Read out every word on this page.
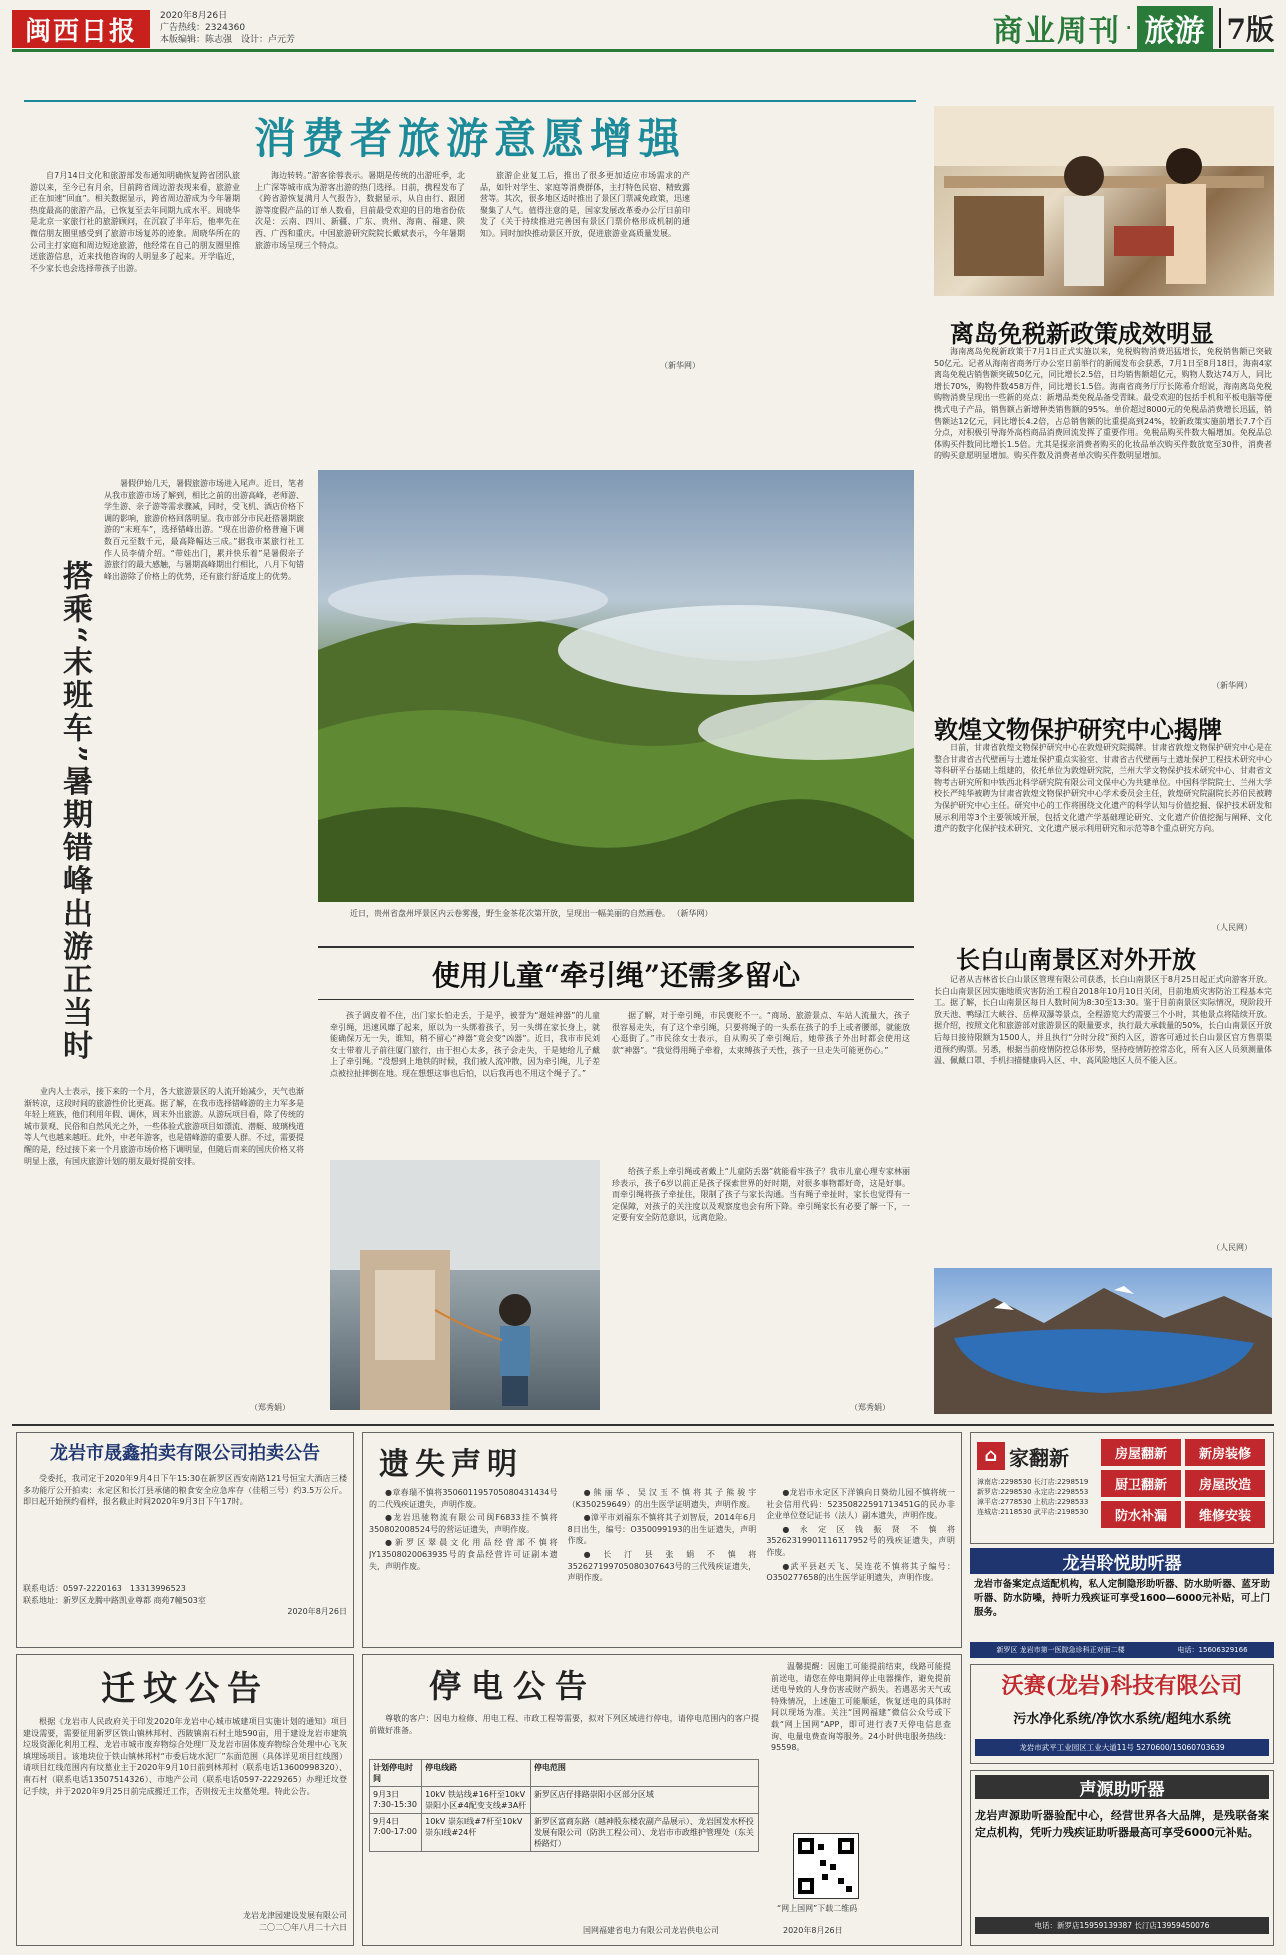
闽西日报
2020年8月26日
广告热线：2324360
本版编辑：陈志强　设计：卢元芳	商业周刊 · 旅游 7版
消费者旅游意愿增强

自7月14日文化和旅游部发布通知明确恢复跨省团队旅游以来，至今已有月余，目前跨省周边游表现来看，旅游业正在加速“回血”。相关数据显示，跨省周边游成为今年暑期热度最高的旅游产品，已恢复至去年同期九成水平。周晓华是北京一家旅行社的旅游顾问，在沉寂了半年后，他率先在微信朋友圈里感受到了旅游市场复苏的迹象。周晓华所在的公司主打家庭和周边短途旅游，他经常在自己的朋友圈里推送旅游信息，近来找他咨询的人明显多了起来。开学临近，不少家长也会选择带孩子出游。

海边转转。”游客徐蓉表示。暑期是传统的出游旺季，北上广深等城市成为游客出游的热门选择。日前，携程发布了《跨省游恢复满月人气报告》，数据显示，从自由行、跟团游等度假产品的订单人数看，目前最受欢迎的目的地省份依次是：云南、四川、新疆、广东、贵州、海南、福建、陕西、广西和重庆。中国旅游研究院院长戴斌表示，今年暑期旅游市场呈现三个特点。

旅游企业复工后，推出了很多更加适应市场需求的产品，如针对学生、家庭等消费群体，主打特色民宿、精致露营等。其次，很多地区适时推出了景区门票减免政策，迅速聚集了人气。值得注意的是，国家发展改革委办公厅日前印发了《关于持续推进完善国有景区门票价格形成机制的通知》。同时加快推动景区开放，促进旅游业高质量发展。

（新华网）
离岛免税新政策成效明显

海南离岛免税新政策于7月1日正式实施以来，免税购物消费迅猛增长，免税销售额已突破50亿元。记者从海南省商务厅办公室日前举行的新闻发布会获悉，7月1日至8月18日，海南4家离岛免税店销售额突破50亿元，同比增长2.5倍，日均销售额超亿元，购物人数达74万人，同比增长70%，购物件数458万件，同比增长1.5倍。海南省商务厅厅长陈希介绍说，海南离岛免税购物消费呈现出一些新的亮点：新增品类免税品备受青睐。最受欢迎的包括手机和平板电脑等便携式电子产品，销售额占新增种类销售额的95%。单价超过8000元的免税品消费增长迅猛，销售额达12亿元，同比增长4.2倍，占总销售额的比重提高到24%，较新政策实施前增长7.7个百分点，对积极引导海外高档商品消费回流发挥了重要作用。免税品购买件数大幅增加。免税品总体购买件数同比增长1.5倍。尤其是探亲消费者购买的化妆品单次购买件数放宽至30件，消费者的购买意愿明显增加。购买件数及消费者单次购买件数明显增加。

（新华网）
搭乘“末班车”暑期错峰出游正当时

暑假伊始几天，暑假旅游市场进入尾声。近日，笔者从我市旅游市场了解到，相比之前的出游高峰，老师游、学生游、亲子游等需求骤减，同时，受飞机、酒店价格下调的影响，旅游价格回落明显。我市部分市民赶搭暑期旅游的“末班车”，选择错峰出游。“现在出游价格普遍下调数百元至数千元，最高降幅达三成。”据我市某旅行社工作人员李倩介绍。“带娃出门，累并快乐着”是暑假亲子游旅行的最大感触，与暑期高峰期出行相比，八月下旬错峰出游除了价格上的优势，还有旅行舒适度上的优势。

业内人士表示，接下来的一个月，各大旅游景区的人流开始减少，天气也渐渐转凉，这段时间的旅游性价比更高。据了解，在我市选择错峰游的主力军多是年轻上班族，他们利用年假、调休，周末外出旅游。从游玩项目看，除了传统的城市景观、民俗和自然风光之外，一些体验式旅游项目如漂流、潜艇、玻璃栈道等人气也越来越旺。此外，中老年游客，也是错峰游的重要人群。不过，需要提醒的是，经过接下来一个月旅游市场价格下调明显，但随后而来的国庆价格又将明显上涨，有国庆旅游计划的朋友最好提前安排。

（郑秀娟）
近日，贵州省盘州坪景区内云卷雾漫，野生金茶花次第开放，呈现出一幅美丽的自然画卷。 （新华网）
使用儿童“牵引绳”还需多留心

孩子调皮着不住，出门家长怕走丢，于是乎，被誉为“遛娃神器”的儿童牵引绳，迅速风靡了起来，原以为一头绑着孩子，另一头绑在家长身上，就能确保万无一失，谁知，稍不留心“神器”竟会变“凶器”。近日，我市市民刘女士带着儿子前往厦门旅行，由于担心太多，孩子会走失，于是她给儿子戴上了牵引绳。“没想到上地铁的时候，我们被人流冲散，因为牵引绳，儿子差点被拉扯摔倒在地。现在想想这事也后怕，以后我再也不用这个绳子了。”

据了解，对于牵引绳，市民褒贬不一。“商场、旅游景点、车站人流量大，孩子很容易走失，有了这个牵引绳，只要将绳子的一头系在孩子的手上或者腰部，就能放心逛街了。”市民徐女士表示，自从购买了牵引绳后，她带孩子外出时都会使用这款“神器”。“我觉得用绳子牵着，太束缚孩子天性，孩子一旦走失可能更伤心。”

给孩子系上牵引绳或者戴上“儿童防丢器”就能看牢孩子？我市儿童心理专家林丽珍表示，孩子6岁以前正是孩子探索世界的好时期，对很多事物都好奇，这是好事。而牵引绳将孩子牵扯住，限制了孩子与家长沟通。当有绳子牵扯时，家长也觉得有一定保障，对孩子的关注度以及观察度也会有所下降。牵引绳家长有必要了解一下，一定要有安全防范意识，远离危险。

（郑秀娟）
敦煌文物保护研究中心揭牌

日前，甘肃省敦煌文物保护研究中心在敦煌研究院揭牌。甘肃省敦煌文物保护研究中心是在整合甘肃省古代壁画与土遗址保护重点实验室、甘肃省古代壁画与土遗址保护工程技术研究中心等科研平台基础上组建的，依托单位为敦煌研究院，兰州大学文物保护技术研究中心、甘肃省文物考古研究所和中铁西北科学研究院有限公司文保中心为共建单位。中国科学院院士、兰州大学校长严纯华被聘为甘肃省敦煌文物保护研究中心学术委员会主任，敦煌研究院副院长苏伯民被聘为保护研究中心主任。研究中心的工作将围绕文化遗产的科学认知与价值挖掘、保护技术研发和展示利用等3个主要领域开展，包括文化遗产学基础理论研究、文化遗产价值挖掘与阐释、文化遗产的数字化保护技术研究、文化遗产展示利用研究和示范等8个重点研究方向。

（人民网）
长白山南景区对外开放

记者从吉林省长白山景区管理有限公司获悉，长白山南景区于8月25日起正式向游客开放。长白山南景区因实施地质灾害防治工程自2018年10月10日关闭，目前地质灾害防治工程基本完工。据了解，长白山南景区每日人数时间为8:30至13:30。鉴于目前南景区实际情况，现阶段开放天池、鸭绿江大峡谷、岳桦双瀑等景点，全程游览大约需要三个小时，其他景点将陆续开放。据介绍，按照文化和旅游部对旅游景区的限量要求，执行最大承载量的50%，长白山南景区开放后每日接待限额为1500人，并且执行“分时分段”预约入区，游客可通过长白山景区官方售票渠道预约购票。另悉，根据当前疫情防控总体形势，坚持疫情防控常态化，所有入区人员须测量体温、佩戴口罩、手机扫描健康码入区、中、高风险地区人员不能入区。

（人民网）
龙岩市晟鑫拍卖有限公司拍卖公告

受委托，我司定于2020年9月4日下午15:30在新罗区西安南路121号恒宝大酒店三楼多功能厅公开拍卖：永定区和长汀县承储的粮食安全应急库存（佳稻三号）约3.5万公斤。即日起开始预约看样，报名截止时间2020年9月3日下午17时。

联系电话：0597-2220163　13313996523
联系地址：新罗区龙腾中路凯业尊都 商苑7幢503室
2020年8月26日
迁坟公告

根据《龙岩市人民政府关于印发2020年龙岩中心城市城建项目实施计划的通知》项目建设需要，需要征用新罗区铁山镇林邦村、西陂镇南石村土地590亩，用于建设龙岩市建筑垃圾资源化利用工程、龙岩市城市废弃物综合处理厂及龙岩市固体废弃物综合处理中心飞灰填埋场项目。该地块位于铁山镇林邦村“市委后垅水泥厂”东面范围（具体详见项目红线图）请项目红线范围内有坟墓业主于2020年9月10日前到林邦村（联系电话13600998320）、南石村（联系电话13507514326）、市地产公司（联系电话0597-2229265）办理迁坟登记手续，并于2020年9月25日前完成搬迁工作，否则按无主坟墓处理。特此公告。

龙岩龙津园建设发展有限公司
二〇二〇年八月二十六日
遗失声明

●章春瑞不慎将350601195705080431434号的二代残疾证遗失，声明作废。

●龙岩迅驰物流有限公司闽F6833挂不慎将350802008524号的营运证遗失，声明作废。

●新罗区翠晨文化用品经营部不慎将JY13508020063935号的食品经营许可证副本遗失，声明作废。

●熊丽华、吴汉玉不慎将其子熊骏宇（K350259649）的出生医学证明遗失，声明作废。

●漳平市刘福东不慎将其子刘智辰，2014年6月8日出生，编号：O350099193的出生证遗失，声明作废。

●长汀县张娟不慎将352627199705080307643号的三代残疾证遗失，声明作废。

●龙岩市永定区下洋镇向日葵幼儿园不慎将统一社会信用代码：52350822591713451G的民办非企业单位登记证书（法人）副本遗失，声明作废。

●永定区钱振贤不慎将35262319901116117952号的残疾证遗失，声明作废。

●武平县赵天飞、吴连花不慎将其子编号：O350277658的出生医学证明遗失，声明作废。

停电公告

尊敬的客户：因电力检修、用电工程、市政工程等需要，拟对下列区域进行停电，请停电范围内的客户提前做好准备。

计划停电时间	停电线路	停电范围
9月3日 7:30-15:30	10kV 铁站线#16杆至10kV 崇阳小区#4配变支线#3A杆	新罗区店仔排路崇阳小区部分区域
9月4日 7:00-17:00	10kV 崇东Ⅰ线#7杆至10kV 崇东Ⅰ线#24杆	新罗区富商东路（越神股东楼农副产品展示）、龙岩国发水杯投发展有限公司（防洪工程公司）、龙岩市市政维护管理处（东关桥路灯）

温馨提醒：因施工可能提前结束，线路可能提前送电，请您在停电期间停止电器操作，避免提前送电导致的人身伤害或财产损失。若遇恶劣天气或特殊情况，上述施工可能顺延，恢复送电的具体时间以现场为准。关注“国网福建”微信公众号或下载“网上国网”APP，即可进行表7天停电信息查询、电量电费查询等服务。24小时供电服务热线：95598。

“网上国网”下载二维码
国网福建省电力有限公司龙岩供电公司	2020年8月26日
⌂ 家翻新
漳南店:2298530 长汀店:2298519
新罗店:2298530 永定店:2298553
漳平店:2778530 上杭店:2298533
连城店:2118530 武平店:2198530
房屋翻新	新房装修
厨卫翻新	房屋改造
防水补漏	维修安装
龙岩聆悦助听器
龙岩市备案定点适配机构，私人定制隐形助听器、防水助听器、蓝牙助听器、防水防噪，持听力残疾证可享受1600—6000元补贴，可上门服务。
新罗区 龙岩市第一医院急诊科正对面二楼	电话：15606329166
沃赛(龙岩)科技有限公司
污水净化系统/净饮水系统/超纯水系统
龙岩市武平工业园区工业大道11号 5270600/15060703639
声源助听器
龙岩声源助听器验配中心，经营世界各大品牌，是残联备案定点机构，凭听力残疾证助听器最高可享受6000元补贴。
电话：新罗店15959139387 长汀店13959450076
